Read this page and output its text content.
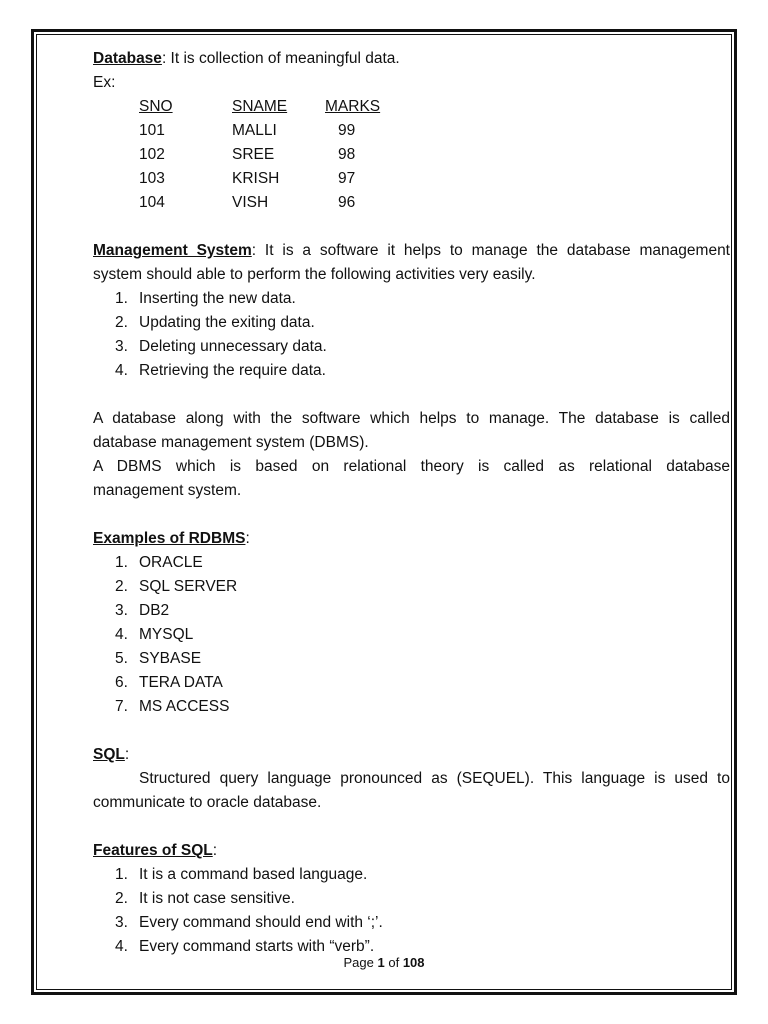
Database: It is collection of meaningful data.

Ex:

SNO	SNAME	MARKS
101	MALLI	99
102	SREE	98
103	KRISH	97
104	VISH	96

Management System: It is a software it helps to manage the database management

system should able to perform the following activities very easily.

1. Inserting the new data.
2. Updating the exiting data.
3. Deleting unnecessary data.
4. Retrieving the require data.

A database along with the software which helps to manage. The database is called

database management system (DBMS).

A DBMS which is based on relational theory is called as relational database

management system.

Examples of RDBMS:

1. ORACLE
2. SQL SERVER
3. DB2
4. MYSQL
5. SYBASE
6. TERA DATA
7. MS ACCESS

SQL:

Structured query language pronounced as (SEQUEL). This language is used to

communicate to oracle database.

Features of SQL:

1. It is a command based language.
2. It is not case sensitive.
3. Every command should end with ‘;’.
4. Every command starts with “verb”.
Page 1 of 108
